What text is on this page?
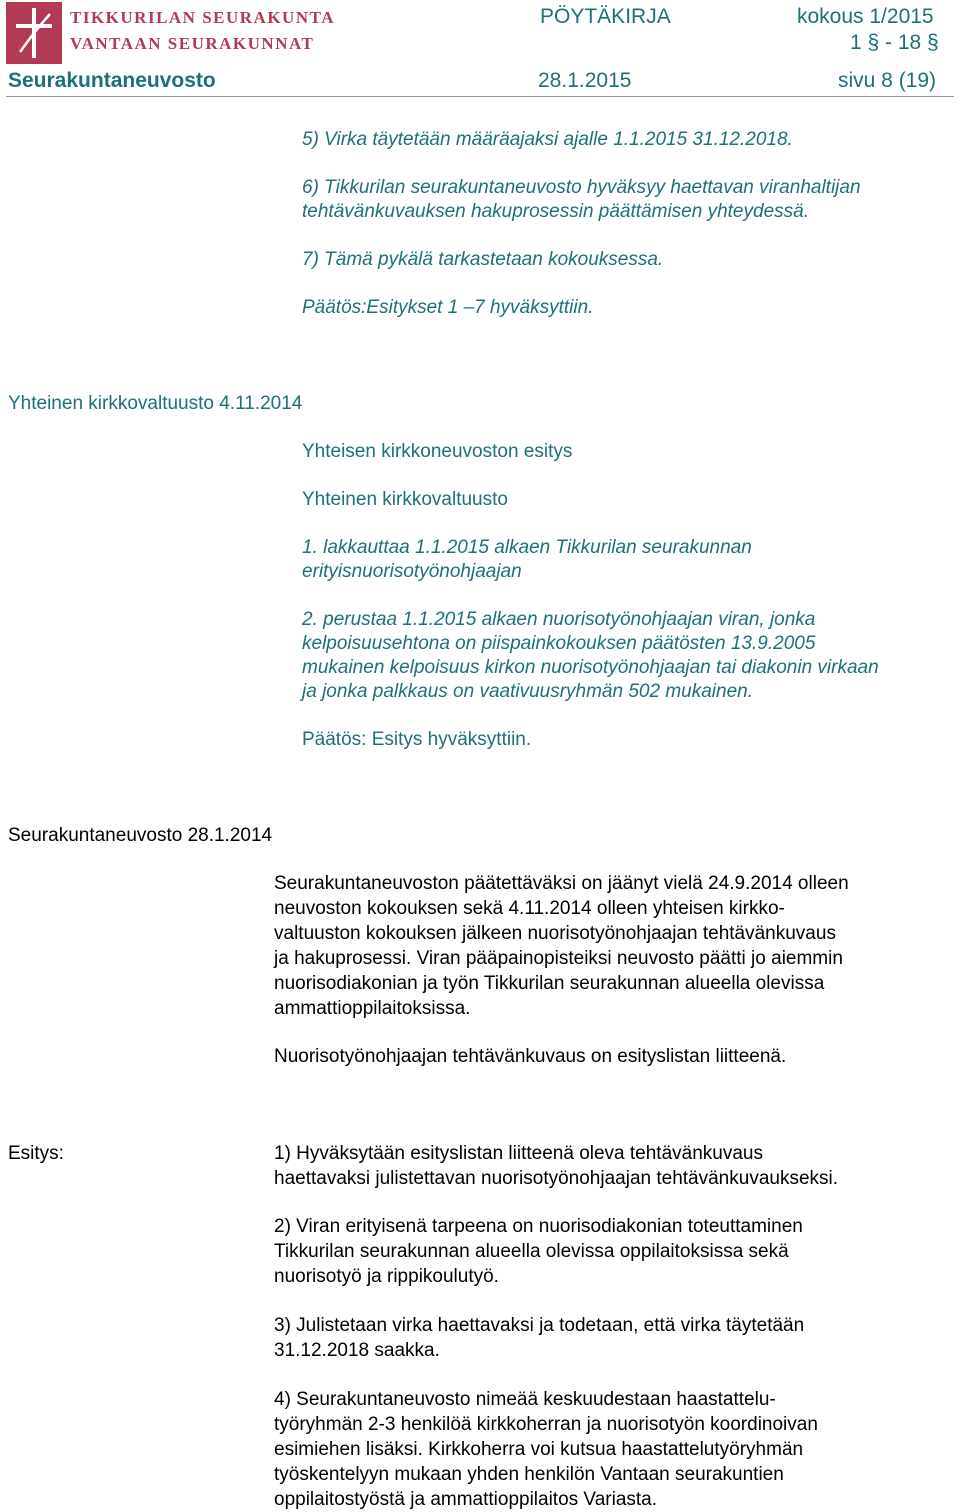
TIKKURILAN SEURAKUNTA
VANTAAN SEURAKUNNAT
PÖYTÄKIRJA	kokous 1/2015
1 § - 18 §
Seurakuntaneuvosto	28.1.2015	sivu 8 (19)
5) Virka täytetään määräajaksi ajalle 1.1.2015 31.12.2018.
6) Tikkurilan seurakuntaneuvosto hyväksyy haettavan viranhaltijan
tehtävänkuvauksen hakuprosessin päättämisen yhteydessä.
7) Tämä pykälä tarkastetaan kokouksessa.
Päätös:Esitykset 1 –7 hyväksyttiin.
Yhteinen kirkkovaltuusto 4.11.2014
Yhteisen kirkkoneuvoston esitys
Yhteinen kirkkovaltuusto
1. lakkauttaa 1.1.2015 alkaen Tikkurilan seurakunnan
erityisnuorisotyönohjaajan
2. perustaa 1.1.2015 alkaen nuorisotyönohjaajan viran, jonka
kelpoisuusehtona on piispainkokouksen päätösten 13.9.2005
mukainen kelpoisuus kirkon nuorisotyönohjaajan tai diakonin virkaan
ja jonka palkkaus on vaativuusryhmän 502 mukainen.
Päätös: Esitys hyväksyttiin.
Seurakuntaneuvosto 28.1.2014
Seurakuntaneuvoston päätettäväksi on jäänyt vielä 24.9.2014 olleen
neuvoston kokouksen sekä 4.11.2014 olleen yhteisen kirkko-
valtuuston kokouksen jälkeen nuorisotyönohjaajan tehtävänkuvaus
ja hakuprosessi. Viran pääpainopisteiksi neuvosto päätti jo aiemmin
nuorisodiakonian ja työn Tikkurilan seurakunnan alueella olevissa
ammattioppilaitoksissa.
Nuorisotyönohjaajan tehtävänkuvaus on esityslistan liitteenä.
Esitys:	1) Hyväksytään esityslistan liitteenä oleva tehtävänkuvaus
haettavaksi julistettavan nuorisotyönohjaajan tehtävänkuvaukseksi.
2) Viran erityisenä tarpeena on nuorisodiakonian toteuttaminen
Tikkurilan seurakunnan alueella olevissa oppilaitoksissa sekä
nuorisotyö ja rippikoulutyö.
3) Julistetaan virka haettavaksi ja todetaan, että virka täytetään
31.12.2018 saakka.
4) Seurakuntaneuvosto nimeää keskuudestaan haastattelu-
työryhmän 2-3 henkilöä kirkkoherran ja nuorisotyön koordinoivan
esimiehen lisäksi. Kirkkoherra voi kutsua haastattelutyöryhmän
työskentelyyn mukaan yhden henkilön Vantaan seurakuntien
oppilaitostyöstä ja ammattioppilaitos Variasta.
